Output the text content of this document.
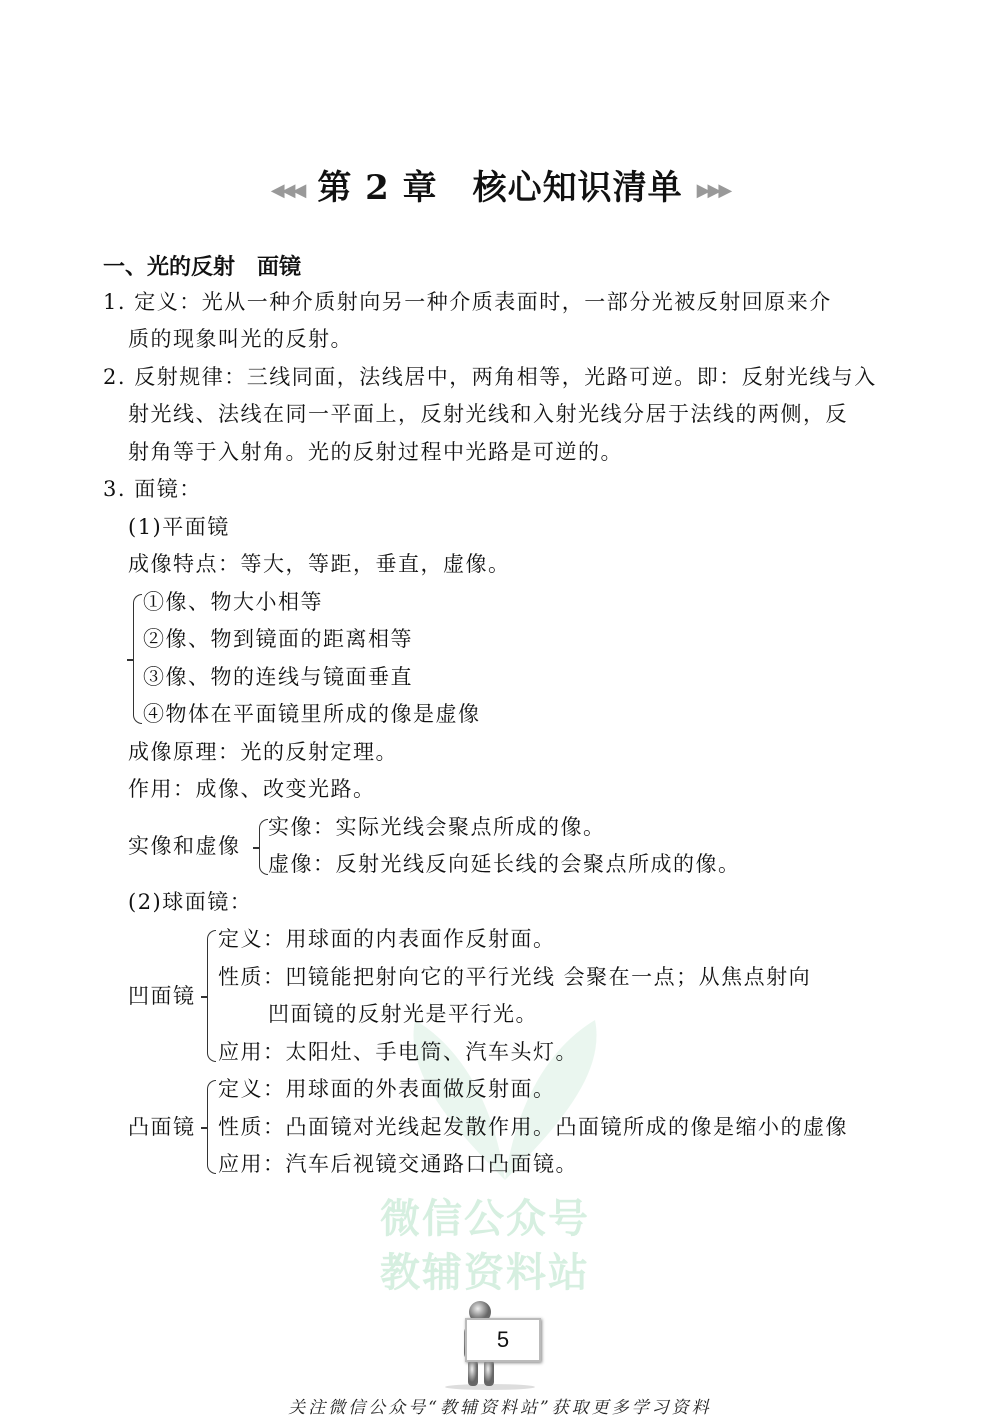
◀◀◀ 第 2 章　核心知识清单 ▶▶▶
一、光的反射　面镜
1. 定义：光从一种介质射向另一种介质表面时，一部分光被反射回原来介
质的现象叫光的反射。
2. 反射规律：三线同面，法线居中，两角相等，光路可逆。即：反射光线与入
射光线、法线在同一平面上，反射光线和入射光线分居于法线的两侧，反
射角等于入射角。光的反射过程中光路是可逆的。
3. 面镜：
(1)平面镜
成像特点：等大，等距，垂直，虚像。
①像、物大小相等
②像、物到镜面的距离相等
③像、物的连线与镜面垂直
④物体在平面镜里所成的像是虚像
成像原理：光的反射定理。
作用：成像、改变光路。
实像和虚像
实像：实际光线会聚点所成的像。
虚像：反射光线反向延长线的会聚点所成的像。
(2)球面镜：
凹面镜
定义：用球面的内表面作反射面。
性质：凹镜能把射向它的平行光线 会聚在一点；从焦点射向
凹面镜的反射光是平行光。
应用：太阳灶、手电筒、汽车头灯。
凸面镜
定义：用球面的外表面做反射面。
性质：凸面镜对光线起发散作用。凸面镜所成的像是缩小的虚像
应用：汽车后视镜交通路口凸面镜。
微信公众号
教辅资料站
5
关注微信公众号“教辅资料站”获取更多学习资料
